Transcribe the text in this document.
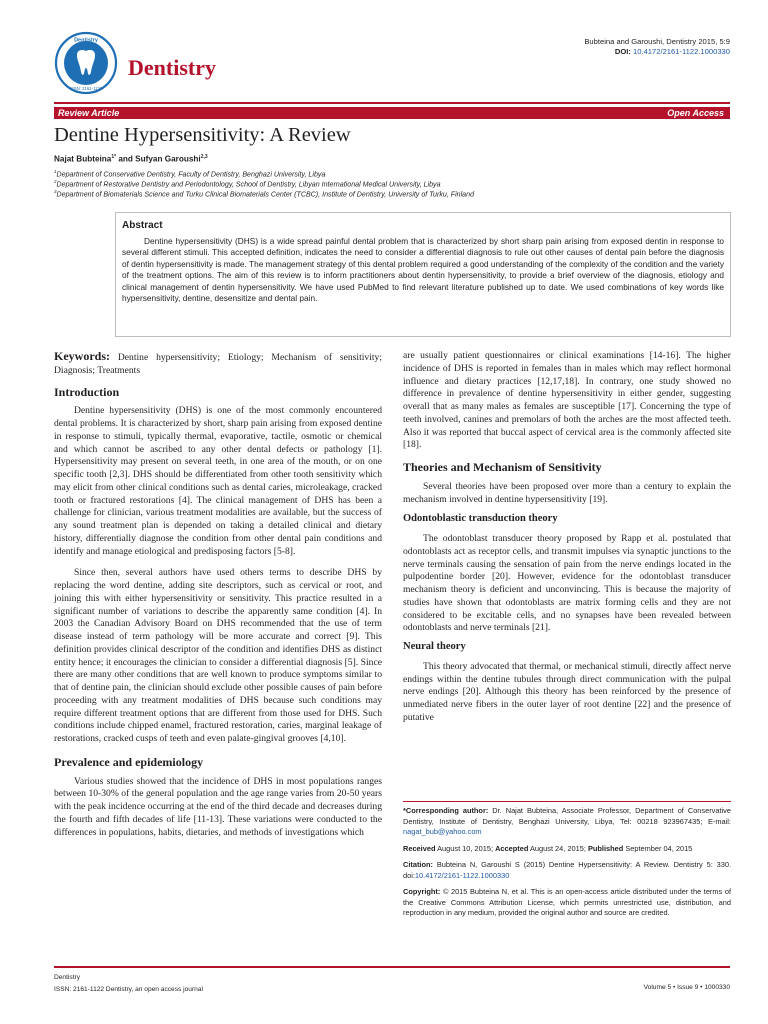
Dentistry
ISSN: 2161-1122
Dentistry
Bubteina and Garoushi, Dentistry 2015, 5:9
DOI: 10.4172/2161-1122.1000330
Review Article	Open Access
Dentine Hypersensitivity: A Review
Najat Bubteina$^{1*}$ and Sufyan Garoushi$^{2,3}$
$^1$Department of Conservative Dentistry, Faculty of Dentistry, Benghazi University, Libya
$^2$Department of Restorative Dentistry and Periodontology, School of Dentistry, Libyan International Medical University, Libya
$^3$Department of Biomaterials Science and Turku Clinical Biomaterials Center (TCBC), Institute of Dentistry, University of Turku, Finland
Abstract

Dentine hypersensitivity (DHS) is a wide spread painful dental problem that is characterized by short sharp pain arising from exposed dentin in response to several different stimuli. This accepted definition, indicates the need to consider a differential diagnosis to rule out other causes of dental pain before the diagnosis of dentin hypersensitivity is made. The management strategy of this dental problem required a good understanding of the complexity of the condition and the variety of the treatment options. The aim of this review is to inform practitioners about dentin hypersensitivity, to provide a brief overview of the diagnosis, etiology and clinical management of dentin hypersensitivity. We have used PubMed to find relevant literature published up to date. We used combinations of key words like hypersensitivity, dentine, desensitize and dental pain.

Keywords: Dentine hypersensitivity; Etiology; Mechanism of sensitivity; Diagnosis; Treatments

Introduction

Dentine hypersensitivity (DHS) is one of the most commonly encountered dental problems. It is characterized by short, sharp pain arising from exposed dentine in response to stimuli, typically thermal, evaporative, tactile, osmotic or chemical and which cannot be ascribed to any other dental defects or pathology [1]. Hypersensitivity may present on several teeth, in one area of the mouth, or on one specific tooth [2,3]. DHS should be differentiated from other tooth sensitivity which may elicit from other clinical conditions such as dental caries, microleakage, cracked tooth or fractured restorations [4]. The clinical management of DHS has been a challenge for clinician, various treatment modalities are available, but the success of any sound treatment plan is depended on taking a detailed clinical and dietary history, differentially diagnose the condition from other dental pain conditions and identify and manage etiological and predisposing factors [5-8].

Since then, several authors have used others terms to describe DHS by replacing the word dentine, adding site descriptors, such as cervical or root, and joining this with either hypersensitivity or sensitivity. This practice resulted in a significant number of variations to describe the apparently same condition [4]. In 2003 the Canadian Advisory Board on DHS recommended that the use of term disease instead of term pathology will be more accurate and correct [9]. This definition provides clinical descriptor of the condition and identifies DHS as distinct entity hence; it encourages the clinician to consider a differential diagnosis [5]. Since there are many other conditions that are well known to produce symptoms similar to that of dentine pain, the clinician should exclude other possible causes of pain before proceeding with any treatment modalities of DHS because such conditions may require different treatment options that are different from those used for DHS. Such conditions include chipped enamel, fractured restoration, caries, marginal leakage of restorations, cracked cusps of teeth and even palate-gingival grooves [4,10].

Prevalence and epidemiology

Various studies showed that the incidence of DHS in most populations ranges between 10-30% of the general population and the age range varies from 20-50 years with the peak incidence occurring at the end of the third decade and decreases during the fourth and fifth decades of life [11-13]. These variations were conducted to the differences in populations, habits, dietaries, and methods of investigations which

are usually patient questionnaires or clinical examinations [14-16]. The higher incidence of DHS is reported in females than in males which may reflect hormonal influence and dietary practices [12,17,18]. In contrary, one study showed no difference in prevalence of dentine hypersensitivity in either gender, suggesting overall that as many males as females are susceptible [17]. Concerning the type of teeth involved, canines and premolars of both the arches are the most affected teeth. Also it was reported that buccal aspect of cervical area is the commonly affected site [18].

Theories and Mechanism of Sensitivity

Several theories have been proposed over more than a century to explain the mechanism involved in dentine hypersensitivity [19].

Odontoblastic transduction theory

The odontoblast transducer theory proposed by Rapp et al. postulated that odontoblasts act as receptor cells, and transmit impulses via synaptic junctions to the nerve terminals causing the sensation of pain from the nerve endings located in the pulpodentine border [20]. However, evidence for the odontoblast transducer mechanism theory is deficient and unconvincing. This is because the majority of studies have shown that odontoblasts are matrix forming cells and they are not considered to be excitable cells, and no synapses have been revealed between odontoblasts and nerve terminals [21].

Neural theory

This theory advocated that thermal, or mechanical stimuli, directly affect nerve endings within the dentine tubules through direct communication with the pulpal nerve endings [20]. Although this theory has been reinforced by the presence of unmediated nerve fibers in the outer layer of root dentine [22] and the presence of putative

*Corresponding author: Dr. Najat Bubteina, Associate Professor, Department of Conservative Dentistry, Institute of Dentistry, Benghazi University, Libya, Tel: 00218 923967435; E-mail: nagat_bub@yahoo.com
Received August 10, 2015; Accepted August 24, 2015; Published September 04, 2015
Citation: Bubteina N, Garoushi S (2015) Dentine Hypersensitivity: A Review. Dentistry 5: 330. doi:10.4172/2161-1122.1000330
Copyright: © 2015 Bubteina N, et al. This is an open-access article distributed under the terms of the Creative Commons Attribution License, which permits unrestricted use, distribution, and reproduction in any medium, provided the original author and source are credited.
Dentistry
ISSN: 2161-1122 Dentistry, an open access journal	Volume 5 • Issue 9 • 1000330
